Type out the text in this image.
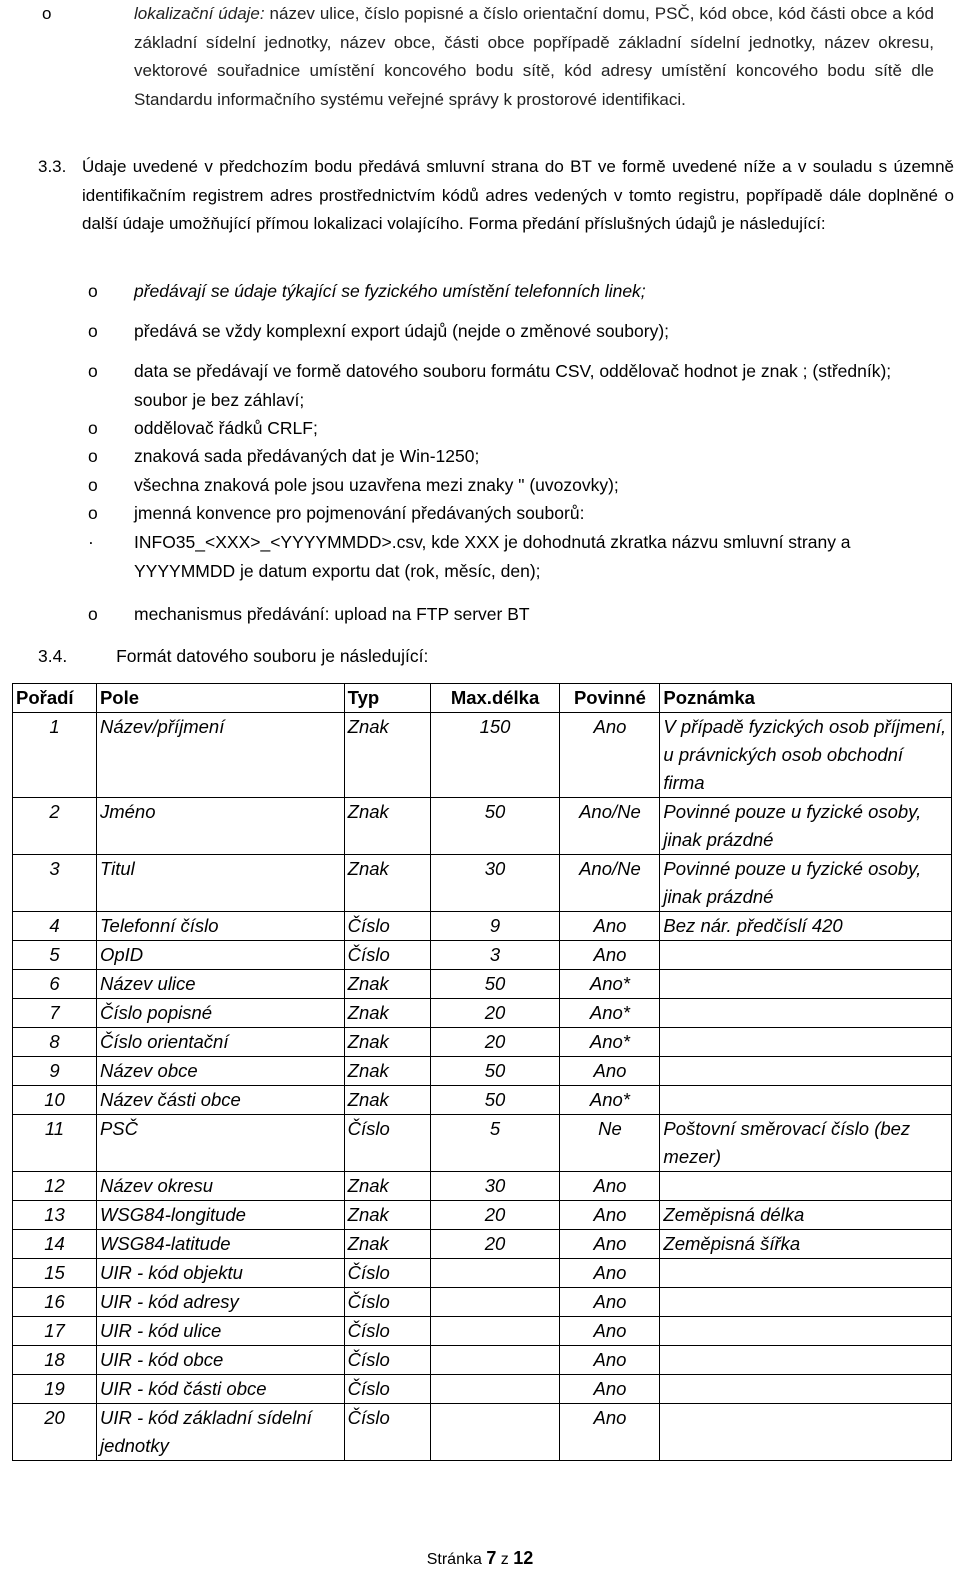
o	lokalizační údaje: název ulice, číslo popisné a číslo orientační domu, PSČ, kód obce, kód části obce a kód základní sídelní jednotky, název obce, části obce popřípadě základní sídelní jednotky, název okresu, vektorové souřadnice umístění koncového bodu sítě, kód adresy umístění koncového bodu sítě dle Standardu informačního systému veřejné správy k prostorové identifikaci.
3.3. Údaje uvedené v předchozím bodu předává smluvní strana do BT ve formě uvedené níže a v souladu s územně identifikačním registrem adres prostřednictvím kódů adres vedených v tomto registru, popřípadě dále doplněné o další údaje umožňující přímou lokalizaci volajícího. Forma předání příslušných údajů je následující:
o předávají se údaje týkající se fyzického umístění telefonních linek;
o předává se vždy komplexní export údajů (nejde o změnové soubory);
o data se předávají ve formě datového souboru formátu CSV, oddělovač hodnot je znak ; (středník); soubor je bez záhlaví;
o oddělovač řádků CRLF;
o znaková sada předávaných dat je Win-1250;
o všechna znaková pole jsou uzavřena mezi znaky " (uvozovky);
o jmenná konvence pro pojmenování předávaných souborů:
· INFO35_<XXX>_<YYYYMMDD>.csv, kde XXX je dohodnutá zkratka názvu smluvní strany a YYYYMMDD je datum exportu dat (rok, měsíc, den);
o mechanismus předávání: upload na FTP server BT
3.4.	Formát datového souboru je následující:
Pořadí	Pole	Typ	Max.délka	Povinné	Poznámka
1	Název/příjmení	Znak	150	Ano	V případě fyzických osob příjmení, u právnických osob obchodní firma
2	Jméno	Znak	50	Ano/Ne	Povinné pouze u fyzické osoby, jinak prázdné
3	Titul	Znak	30	Ano/Ne	Povinné pouze u fyzické osoby, jinak prázdné
4	Telefonní číslo	Číslo	9	Ano	Bez nár. předčíslí 420
5	OpID	Číslo	3	Ano	
6	Název ulice	Znak	50	Ano*	
7	Číslo popisné	Znak	20	Ano*	
8	Číslo orientační	Znak	20	Ano*	
9	Název obce	Znak	50	Ano	
10	Název části obce	Znak	50	Ano*	
11	PSČ	Číslo	5	Ne	Poštovní směrovací číslo (bez mezer)
12	Název okresu	Znak	30	Ano	
13	WSG84-longitude	Znak	20	Ano	Zeměpisná délka
14	WSG84-latitude	Znak	20	Ano	Zeměpisná šířka
15	UIR - kód objektu	Číslo		Ano	
16	UIR - kód adresy	Číslo		Ano	
17	UIR - kód ulice	Číslo		Ano	
18	UIR - kód obce	Číslo		Ano	
19	UIR - kód části obce	Číslo		Ano	
20	UIR - kód základní sídelní jednotky	Číslo		Ano	
Stránka 7 z 12
